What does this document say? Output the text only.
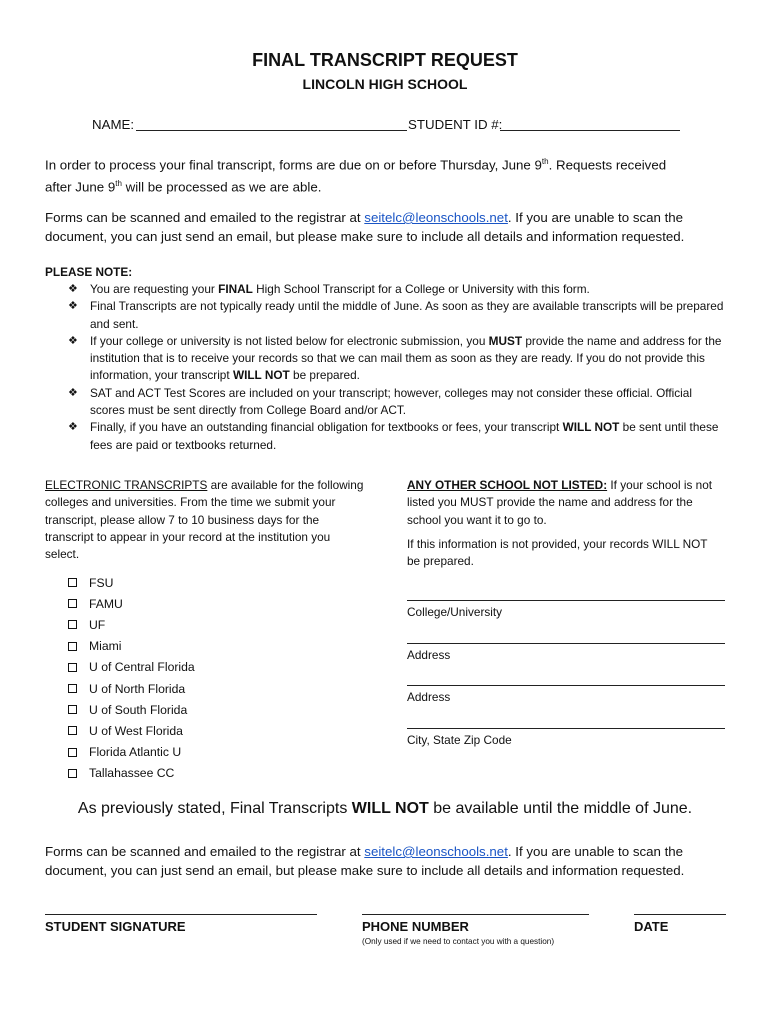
FINAL TRANSCRIPT REQUEST
LINCOLN HIGH SCHOOL
NAME:	STUDENT ID #:
In order to process your final transcript, forms are due on or before Thursday, June 9th. Requests received
after June 9th will be processed as we are able.
Forms can be scanned and emailed to the registrar at seitelc@leonschools.net. If you are unable to scan the
document, you can just send an email, but please make sure to include all details and information requested.
PLEASE NOTE:
❖ You are requesting your FINAL High School Transcript for a College or University with this form.
❖ Final Transcripts are not typically ready until the middle of June. As soon as they are available transcripts will be prepared and sent.
❖ If your college or university is not listed below for electronic submission, you MUST provide the name and address for the institution that is to receive your records so that we can mail them as soon as they are ready. If you do not provide this information, your transcript WILL NOT be prepared.
❖ SAT and ACT Test Scores are included on your transcript; however, colleges may not consider these official. Official scores must be sent directly from College Board and/or ACT.
❖ Finally, if you have an outstanding financial obligation for textbooks or fees, your transcript WILL NOT be sent until these fees are paid or textbooks returned.
ELECTRONIC TRANSCRIPTS are available for the following colleges and universities. From the time we submit your transcript, please allow 7 to 10 business days for the transcript to appear in your record at the institution you select.
FSU
FAMU
UF
Miami
U of Central Florida
U of North Florida
U of South Florida
U of West Florida
Florida Atlantic U
Tallahassee CC
ANY OTHER SCHOOL NOT LISTED: If your school is not listed you MUST provide the name and address for the school you want it to go to.
If this information is not provided, your records WILL NOT be prepared.
College/University
Address
Address
City, State Zip Code
As previously stated, Final Transcripts WILL NOT be available until the middle of June.
Forms can be scanned and emailed to the registrar at seitelc@leonschools.net. If you are unable to scan the
document, you can just send an email, but please make sure to include all details and information requested.
STUDENT SIGNATURE	PHONE NUMBER
(Only used if we need to contact you with a question)
DATE
